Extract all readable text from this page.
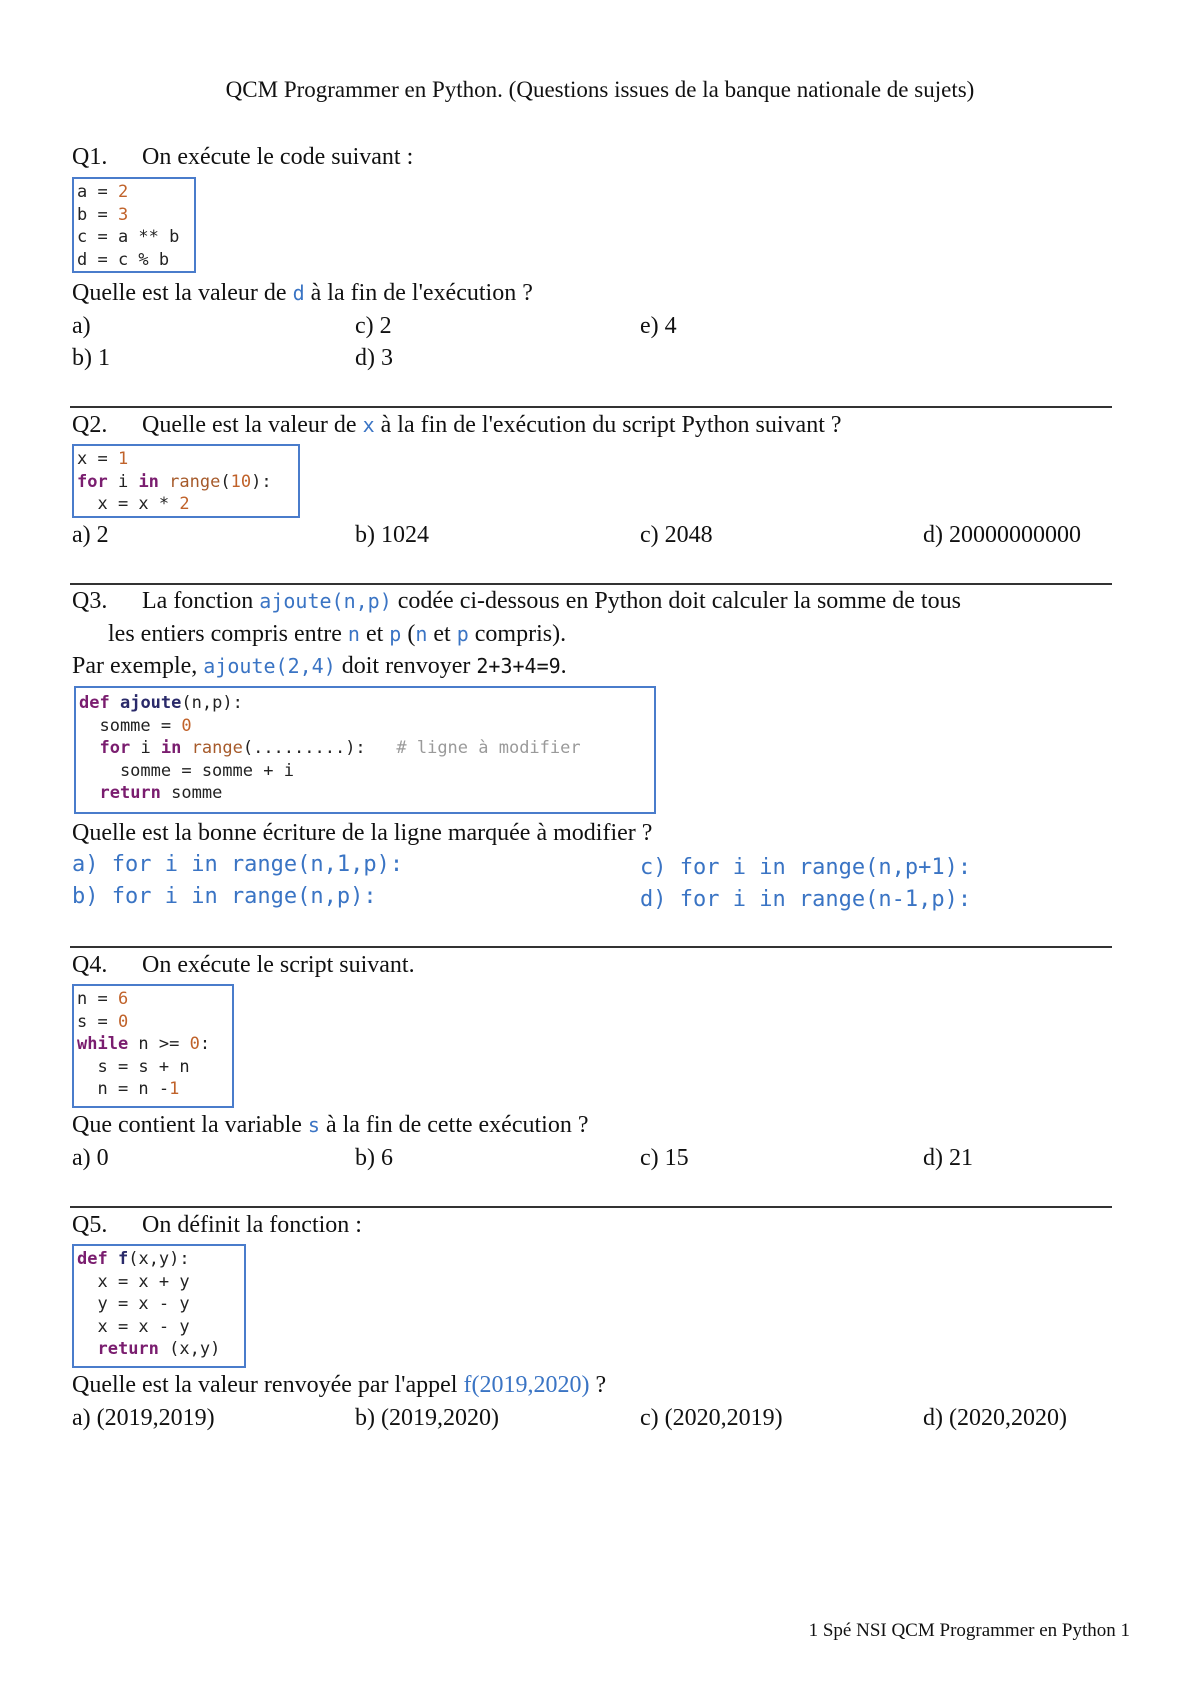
QCM Programmer en Python. (Questions issues de la banque nationale de sujets)
Q1. On exécute le code suivant :
a = 2
b = 3
c = a ** b
d = c % b
Quelle est la valeur de d à la fin de l'exécution ?
a)	c) 2	e) 4
b) 1	d) 3
Q2. Quelle est la valeur de x à la fin de l'exécution du script Python suivant ?
x = 1
for i in range(10):
x = x * 2
a) 2	b) 1024	c) 2048	d) 20000000000
Q3. La fonction ajoute(n,p) codée ci-dessous en Python doit calculer la somme de tous
les entiers compris entre n et p (n et p compris).
Par exemple, ajoute(2,4) doit renvoyer 2+3+4=9.
def ajoute(n,p):
somme = 0
for i in range(.........):   # ligne à modifier
somme = somme + i
return somme
Quelle est la bonne écriture de la ligne marquée à modifier ?
a) for i in range(n,1,p):	c) for i in range(n,p+1):
b) for i in range(n,p):	d) for i in range(n-1,p):
Q4. On exécute le script suivant.
n = 6
s = 0
while n >= 0:
s = s + n
n = n -1
Que contient la variable s à la fin de cette exécution ?
a) 0	b) 6	c) 15	d) 21
Q5. On définit la fonction :
def f(x,y):
x = x + y
y = x - y
x = x - y
return (x,y)
Quelle est la valeur renvoyée par l'appel f(2019,2020) ?
a) (2019,2019)	b) (2019,2020)	c) (2020,2019)	d) (2020,2020)
1 Spé NSI QCM Programmer en Python 1
